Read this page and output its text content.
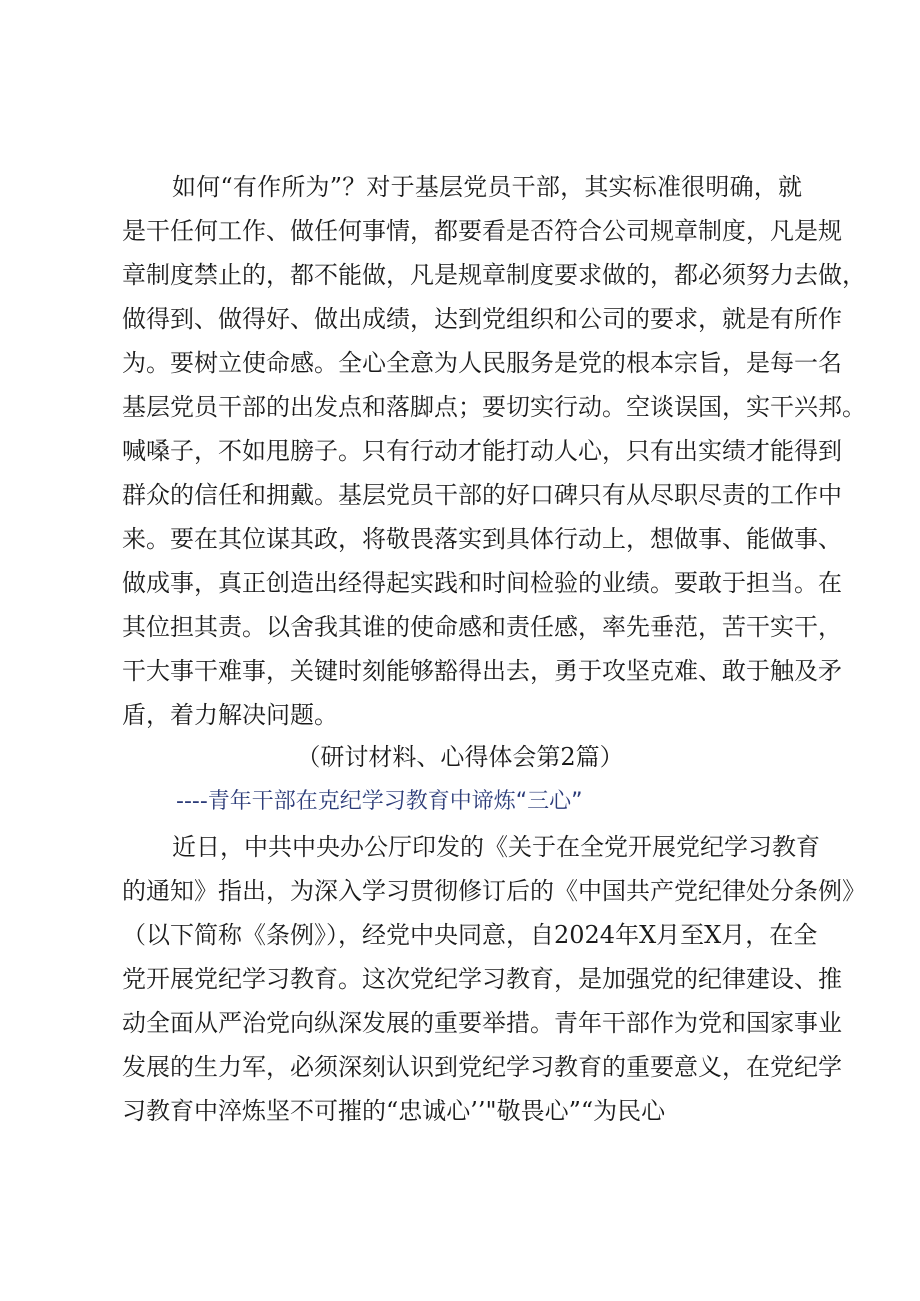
如何“有作所为”？对于基层党员干部，其实标准很明确，就
是干任何工作、做任何事情，都要看是否符合公司规章制度，凡是规
章制度禁止的，都不能做，凡是规章制度要求做的，都必须努力去做，
做得到、做得好、做出成绩，达到党组织和公司的要求，就是有所作
为。要树立使命感。全心全意为人民服务是党的根本宗旨，是每一名
基层党员干部的出发点和落脚点；要切实行动。空谈误国，实干兴邦。
喊嗓子，不如甩膀子。只有行动才能打动人心，只有出实绩才能得到
群众的信任和拥戴。基层党员干部的好口碑只有从尽职尽责的工作中
来。要在其位谋其政，将敬畏落实到具体行动上，想做事、能做事、
做成事，真正创造出经得起实践和时间检验的业绩。要敢于担当。在
其位担其责。以舍我其谁的使命感和责任感，率先垂范，苦干实干，
干大事干难事，关键时刻能够豁得出去，勇于攻坚克难、敢于触及矛
盾，着力解决问题。
（研讨材料、心得体会第2篇）
----青年干部在克纪学习教育中谛炼“三心”
近日，中共中央办公厅印发的《关于在全党开展党纪学习教育
的通知》指出，为深入学习贯彻修订后的《中国共产党纪律处分条例》
（以下简称《条例》），经党中央同意，自2024年X月至X月，在全
党开展党纪学习教育。这次党纪学习教育，是加强党的纪律建设、推
动全面从严治党向纵深发展的重要举措。青年干部作为党和国家事业
发展的生力军，必须深刻认识到党纪学习教育的重要意义，在党纪学
习教育中淬炼坚不可摧的“忠诚心’’"敬畏心”“为民心
